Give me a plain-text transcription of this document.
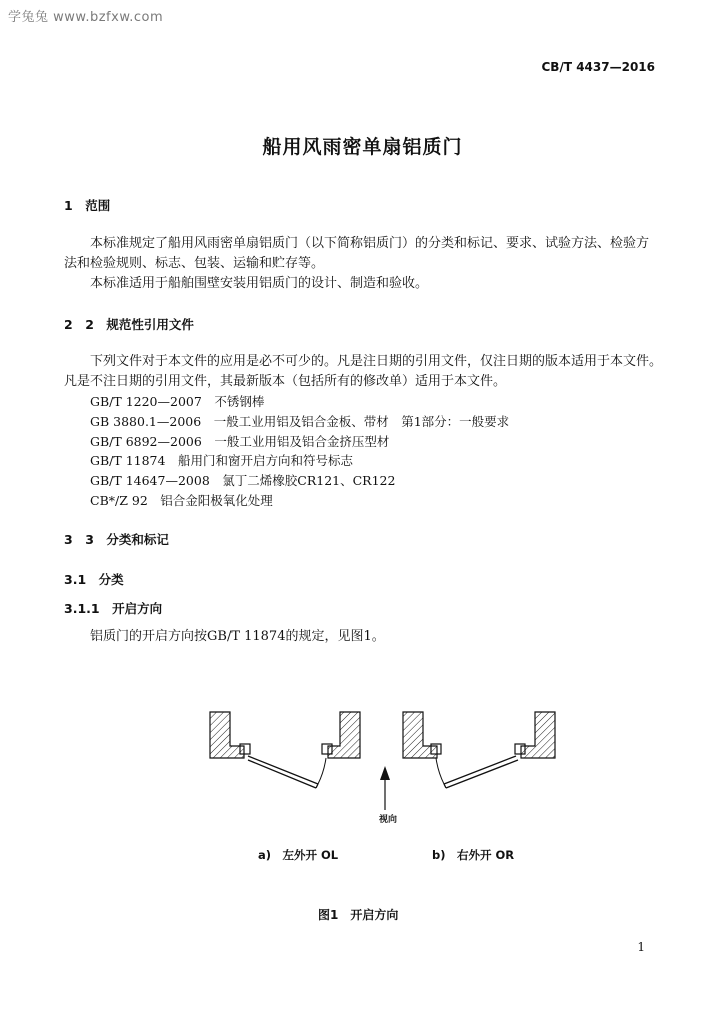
学兔兔 www.bzfxw.com
CB/T 4437—2016
船用风雨密单扇铝质门
1　范围
本标准规定了船用风雨密单扇铝质门（以下简称铝质门）的分类和标记、要求、试验方法、检验方
法和检验规则、标志、包装、运输和贮存等。
本标准适用于船舶围壁安装用铝质门的设计、制造和验收。
2　2　规范性引用文件
下列文件对于本文件的应用是必不可少的。凡是注日期的引用文件，仅注日期的版本适用于本文件。
凡是不注日期的引用文件，其最新版本（包括所有的修改单）适用于本文件。
GB/T 1220—2007　不锈钢棒
GB 3880.1—2006　一般工业用铝及铝合金板、带材　第1部分：一般要求
GB/T 6892—2006　一般工业用铝及铝合金挤压型材
GB/T 11874　船用门和窗开启方向和符号标志
GB/T 14647—2008　氯丁二烯橡胶CR121、CR122
CB*/Z 92　铝合金阳极氧化处理
3　3　分类和标记
3.1　分类
3.1.1　开启方向
铝质门的开启方向按GB/T 11874的规定，见图1。
视向
a)　左外开 OL	b)　右外开 OR
图1　开启方向
1
